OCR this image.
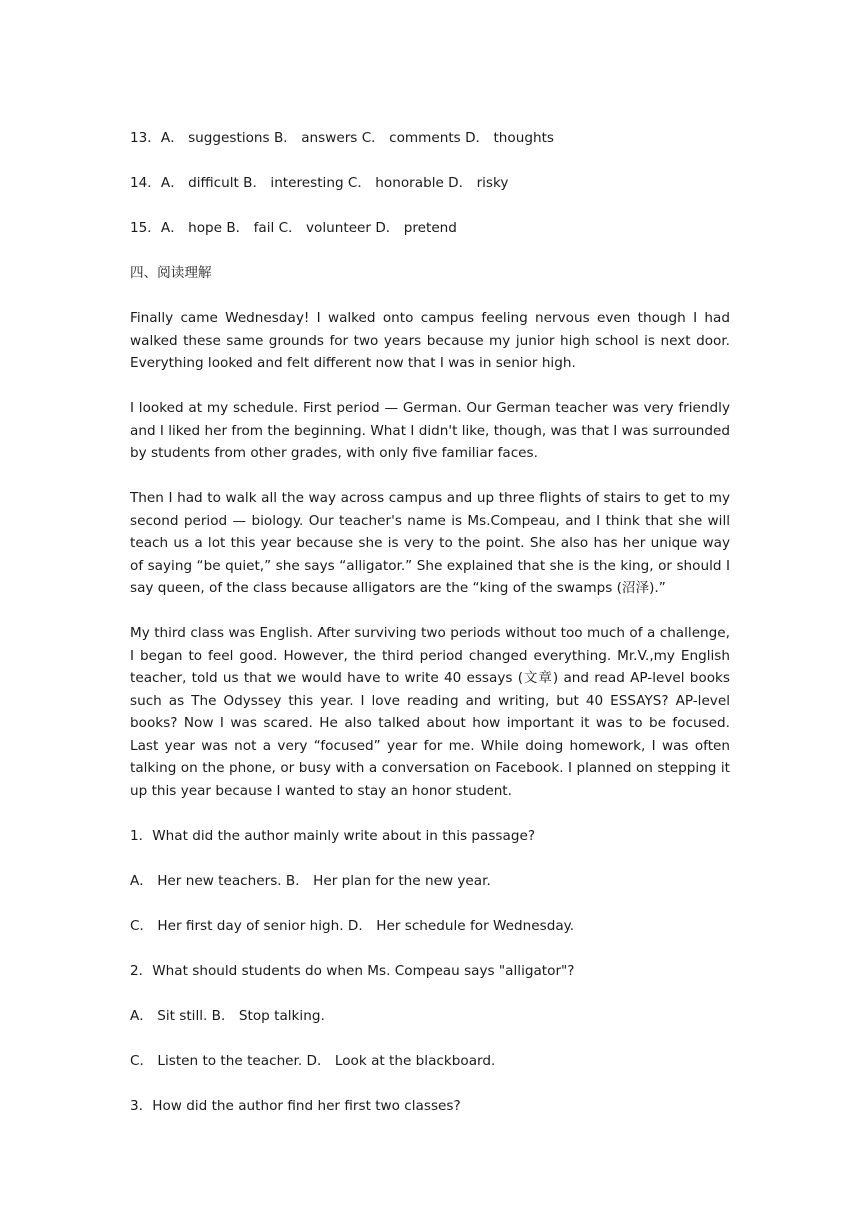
13．A． suggestions B． answers C． comments D． thoughts

14．A． difficult B． interesting C． honorable D． risky

15．A． hope B． fail C． volunteer D． pretend

四、阅读理解

Finally came Wednesday! I walked onto campus feeling nervous even though I had walked these same grounds for two years because my junior high school is next door. Everything looked and felt different now that I was in senior high.

I looked at my schedule. First period — German. Our German teacher was very friendly and I liked her from the beginning. What I didn't like, though, was that I was surrounded by students from other grades, with only five familiar faces.

Then I had to walk all the way across campus and up three flights of stairs to get to my second period — biology. Our teacher's name is Ms.Compeau, and I think that she will teach us a lot this year because she is very to the point. She also has her unique way of saying “be quiet,” she says “alligator.” She explained that she is the king, or should I say queen, of the class because alligators are the “king of the swamps (沼泽).”

My third class was English. After surviving two periods without too much of a challenge, I began to feel good. However, the third period changed everything. Mr.V.,my English teacher, told us that we would have to write 40 essays (文章) and read AP-level books such as The Odyssey this year. I love reading and writing, but 40 ESSAYS? AP-level books? Now I was scared. He also talked about how important it was to be focused. Last year was not a very “focused” year for me. While doing homework, I was often talking on the phone, or busy with a conversation on Facebook. I planned on stepping it up this year because I wanted to stay an honor student.

1．What did the author mainly write about in this passage?

A． Her new teachers. B． Her plan for the new year.

C． Her first day of senior high. D． Her schedule for Wednesday.

2．What should students do when Ms. Compeau says "alligator"?

A． Sit still. B． Stop talking.

C． Listen to the teacher. D． Look at the blackboard.

3．How did the author find her first two classes?
